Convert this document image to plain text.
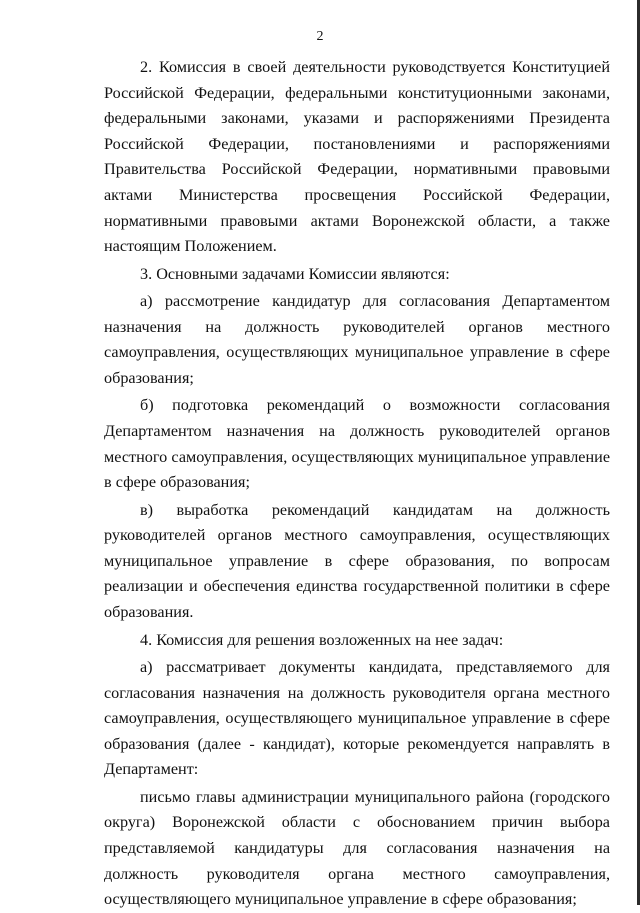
2

2. Комиссия в своей деятельности руководствуется Конституцией Российской Федерации, федеральными конституционными законами, федеральными законами, указами и распоряжениями Президента Российской Федерации, постановлениями и распоряжениями Правительства Российской Федерации, нормативными правовыми актами Министерства просвещения Российской Федерации, нормативными правовыми актами Воронежской области, а также настоящим Положением.

3. Основными задачами Комиссии являются:

а) рассмотрение кандидатур для согласования Департаментом назначения на должность руководителей органов местного самоуправления, осуществляющих муниципальное управление в сфере образования;

б) подготовка рекомендаций о возможности согласования Департаментом назначения на должность руководителей органов местного самоуправления, осуществляющих муниципальное управление в сфере образования;

в) выработка рекомендаций кандидатам на должность руководителей органов местного самоуправления, осуществляющих муниципальное управление в сфере образования, по вопросам реализации и обеспечения единства государственной политики в сфере образования.

4. Комиссия для решения возложенных на нее задач:

а) рассматривает документы кандидата, представляемого для согласования назначения на должность руководителя органа местного самоуправления, осуществляющего муниципальное управление в сфере образования (далее - кандидат), которые рекомендуется направлять в Департамент:

письмо главы администрации муниципального района (городского округа) Воронежской области с обоснованием причин выбора представляемой кандидатуры для согласования назначения на должность руководителя органа местного самоуправления, осуществляющего муниципальное управление в сфере образования;
